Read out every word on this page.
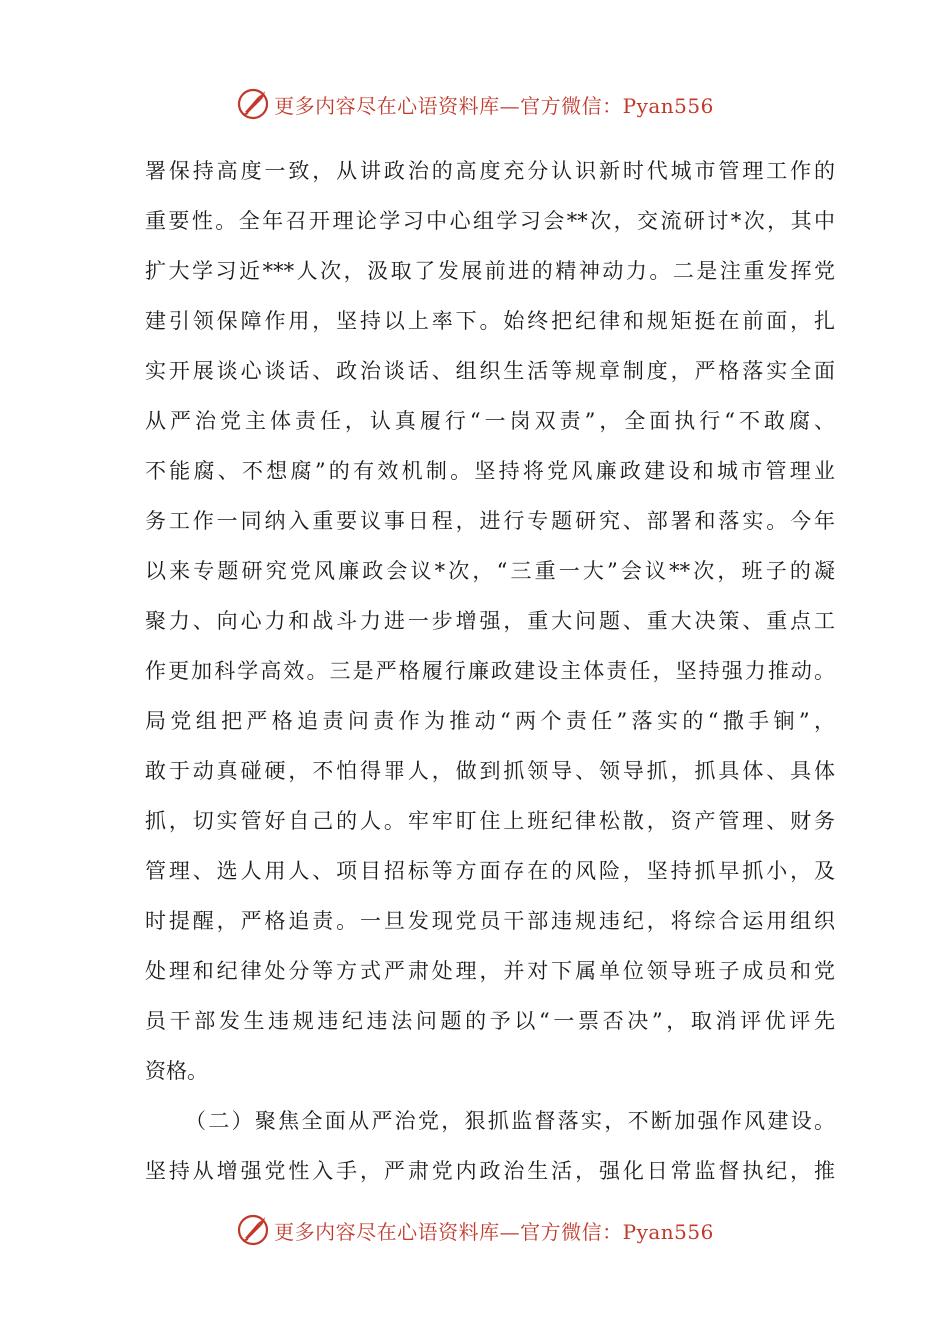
更多内容尽在心语资料库—官方微信：Pyan556
署保持高度一致，从讲政治的高度充分认识新时代城市管理工作的
重要性。全年召开理论学习中心组学习会**次，交流研讨*次，其中
扩大学习近***人次，汲取了发展前进的精神动力。二是注重发挥党
建引领保障作用，坚持以上率下。始终把纪律和规矩挺在前面，扎
实开展谈心谈话、政治谈话、组织生活等规章制度，严格落实全面
从严治党主体责任，认真履行“一岗双责”，全面执行“不敢腐、
不能腐、不想腐”的有效机制。坚持将党风廉政建设和城市管理业
务工作一同纳入重要议事日程，进行专题研究、部署和落实。今年
以来专题研究党风廉政会议*次，“三重一大”会议**次，班子的凝
聚力、向心力和战斗力进一步增强，重大问题、重大决策、重点工
作更加科学高效。三是严格履行廉政建设主体责任，坚持强力推动。
局党组把严格追责问责作为推动“两个责任”落实的“撒手锏”，
敢于动真碰硬，不怕得罪人，做到抓领导、领导抓，抓具体、具体
抓，切实管好自己的人。牢牢盯住上班纪律松散，资产管理、财务
管理、选人用人、项目招标等方面存在的风险，坚持抓早抓小，及
时提醒，严格追责。一旦发现党员干部违规违纪，将综合运用组织
处理和纪律处分等方式严肃处理，并对下属单位领导班子成员和党
员干部发生违规违纪违法问题的予以“一票否决”，取消评优评先
资格。
（二）聚焦全面从严治党，狠抓监督落实，不断加强作风建设。
坚持从增强党性入手，严肃党内政治生活，强化日常监督执纪，推
更多内容尽在心语资料库—官方微信：Pyan556
